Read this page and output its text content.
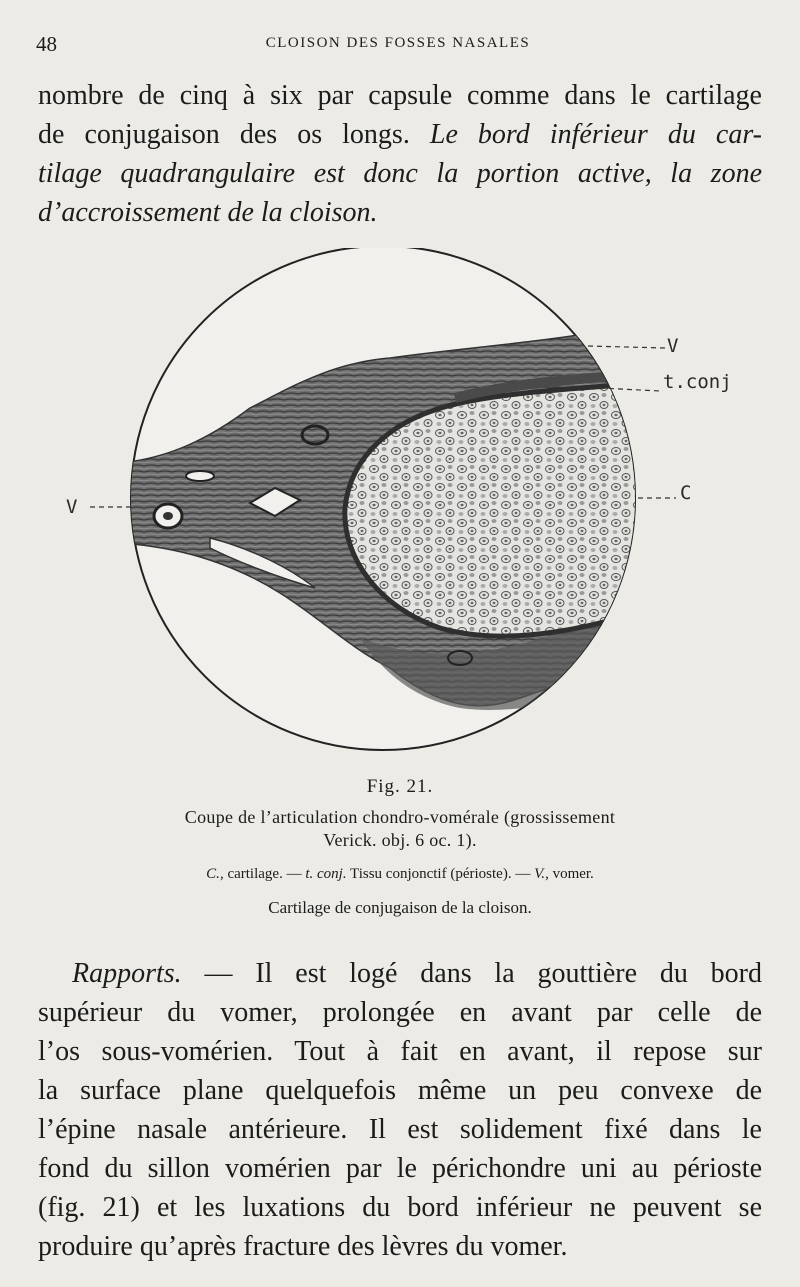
48	CLOISON DES FOSSES NASALES

nombre de cinq à six par capsule comme dans le cartilage
de conjugaison des os longs. Le bord inférieur du car-
tilage quadrangulaire est donc la portion active, la zone
d’accroissement de la cloison.

V
t.conj
C
V
Fig. 21.
Coupe de l’articulation chondro-vomérale (grossissement
Verick. obj. 6 oc. 1).
C., cartilage. — t. conj. Tissu conjonctif (périoste). — V., vomer.
Cartilage de conjugaison de la cloison.

Rapports. — Il est logé dans la gouttière du bord
supérieur du vomer, prolongée en avant par celle de
l’os sous-vomérien. Tout à fait en avant, il repose sur
la surface plane quelquefois même un peu convexe de
l’épine nasale antérieure. Il est solidement fixé dans le
fond du sillon vomérien par le périchondre uni au périoste
(fig. 21) et les luxations du bord inférieur ne peuvent se
produire qu’après fracture des lèvres du vomer.
